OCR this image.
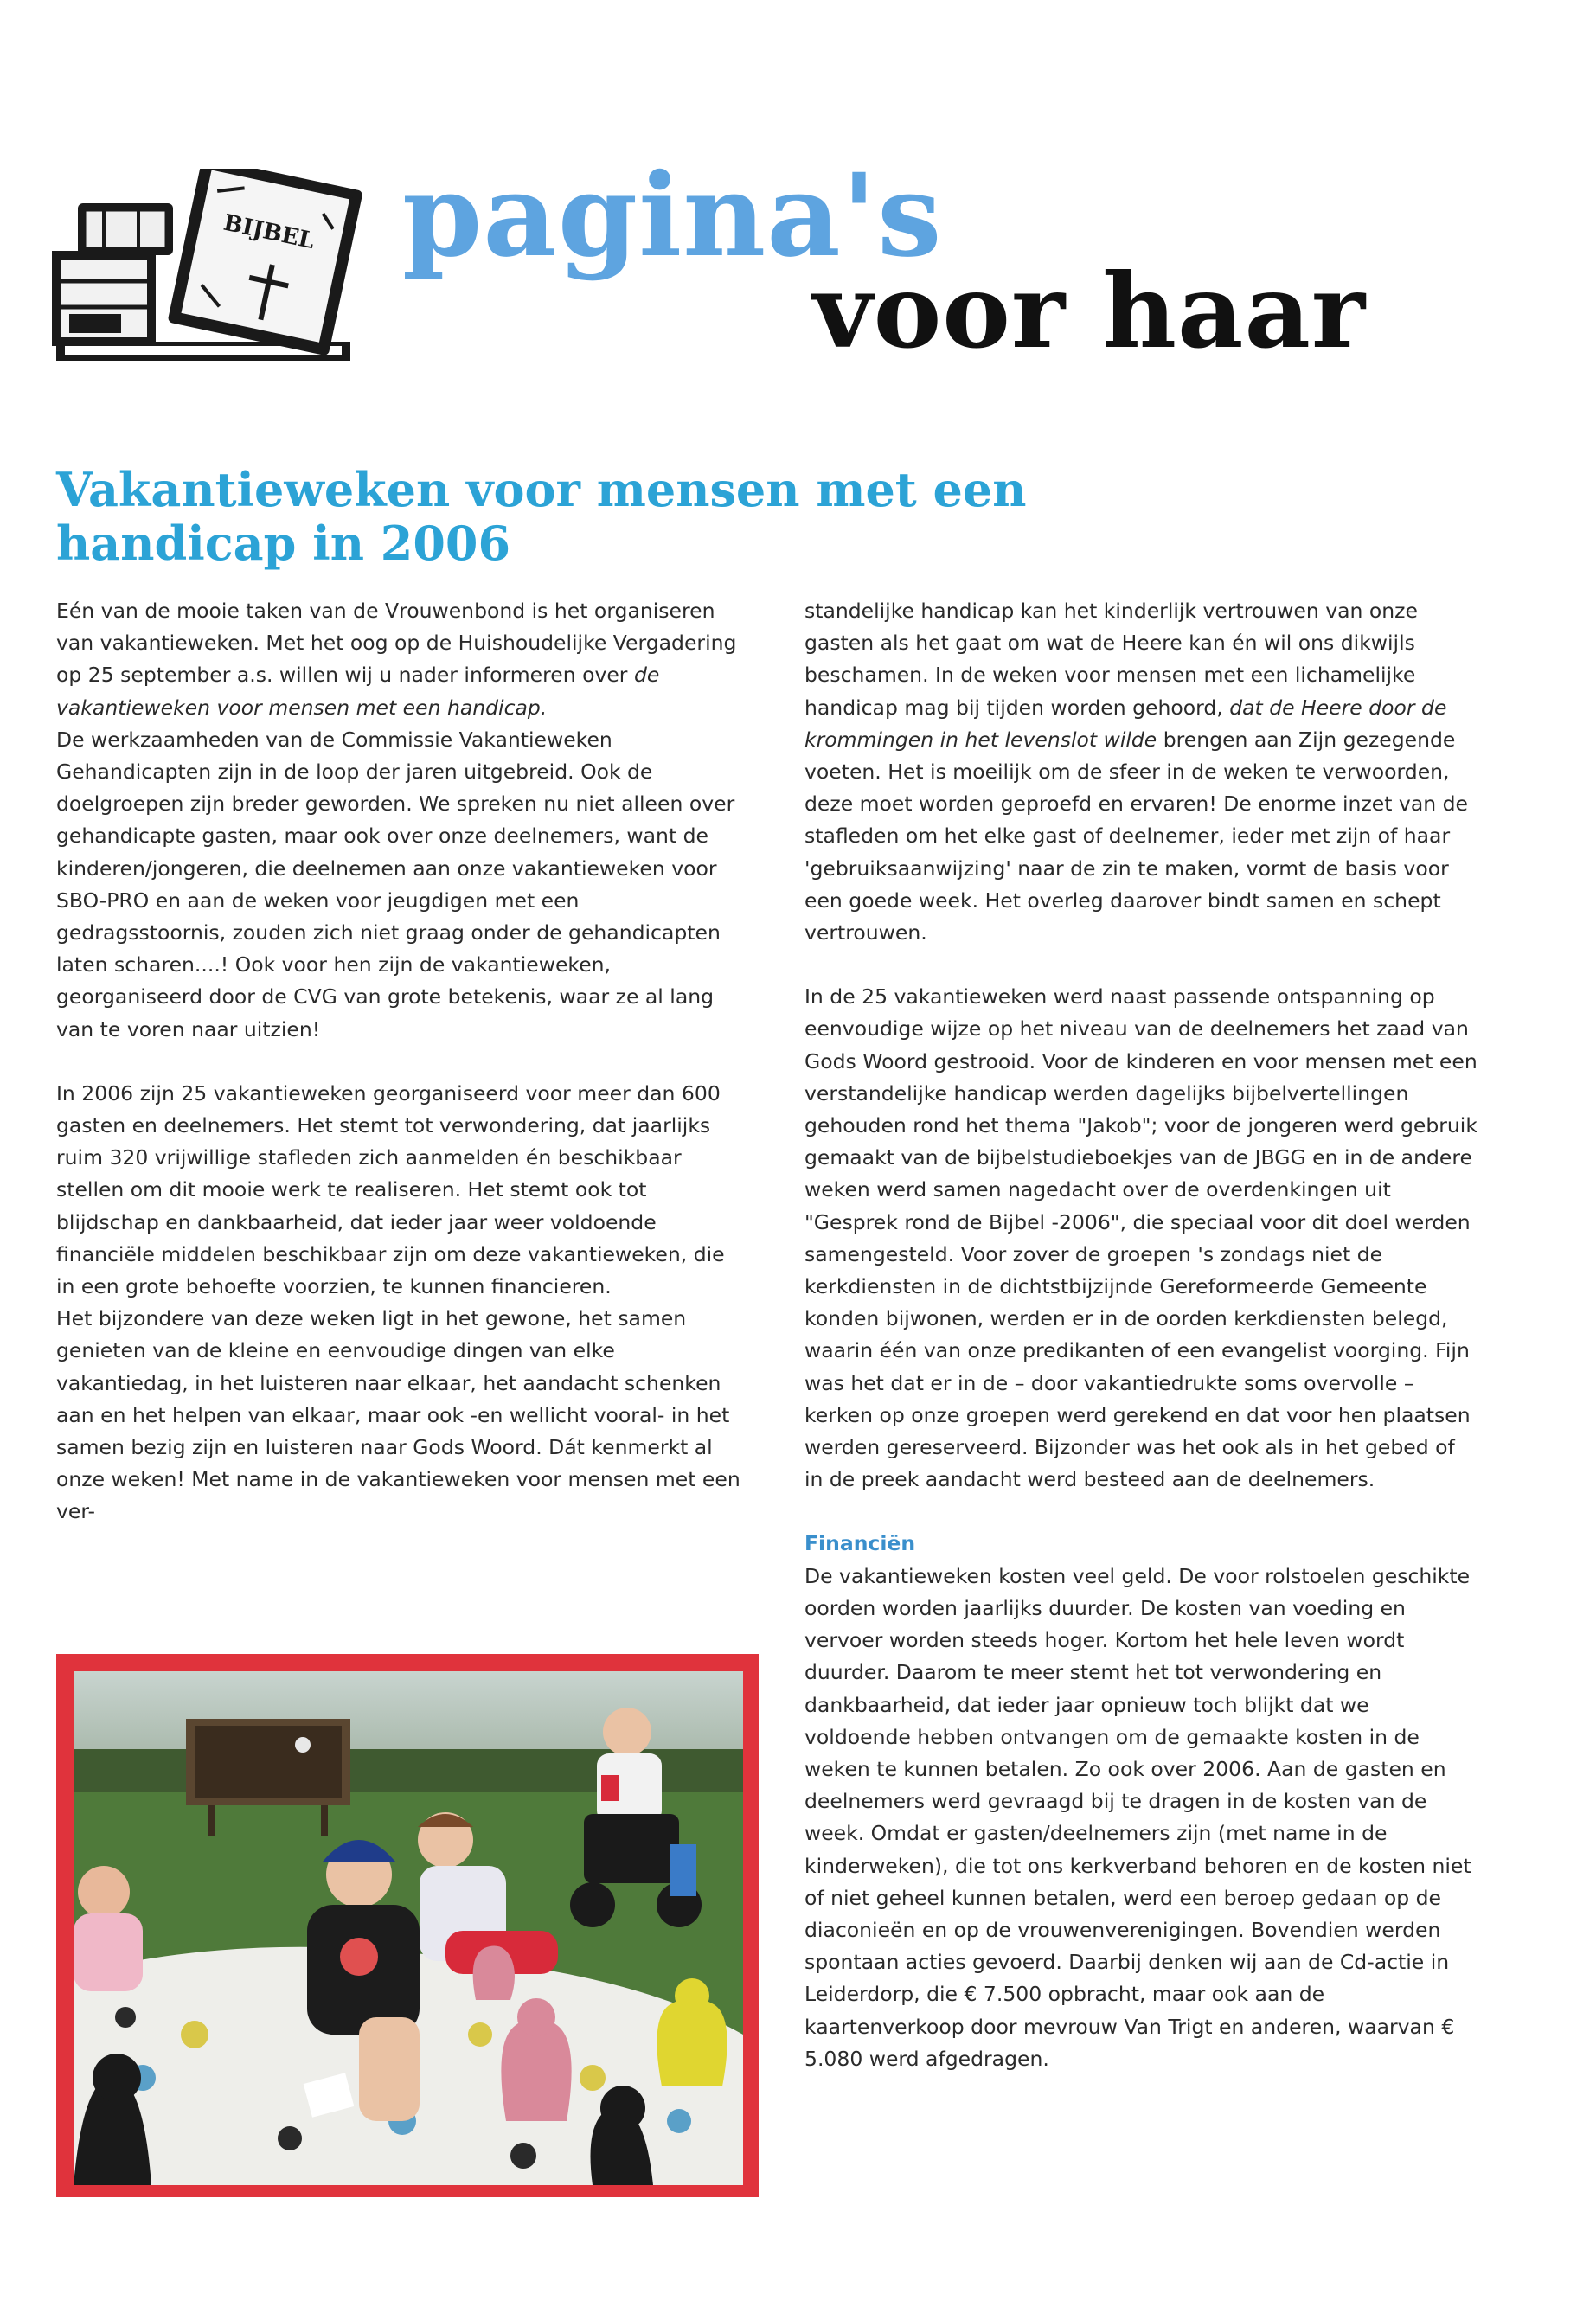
BIJBEL pagina's
voor haar
Vakantieweken voor mensen met een handicap in 2006

Eén van de mooie taken van de Vrouwenbond is het organiseren van vakantieweken. Met het oog op de Huishoudelijke Vergadering op 25 september a.s. willen wij u nader informeren over de vakantieweken voor mensen met een handicap.

De werkzaamheden van de Commissie Vakantieweken Gehandicapten zijn in de loop der jaren uitgebreid. Ook de doelgroepen zijn breder geworden. We spreken nu niet alleen over gehandicapte gasten, maar ook over onze deelnemers, want de kinderen/jongeren, die deelnemen aan onze vakantieweken voor SBO-PRO en aan de weken voor jeugdigen met een gedragsstoornis, zouden zich niet graag onder de gehandicapten laten scharen....! Ook voor hen zijn de vakantieweken, georganiseerd door de CVG van grote betekenis, waar ze al lang van te voren naar uitzien!

In 2006 zijn 25 vakantieweken georganiseerd voor meer dan 600 gasten en deelnemers. Het stemt tot verwondering, dat jaarlijks ruim 320 vrijwillige stafleden zich aanmelden én beschikbaar stellen om dit mooie werk te realiseren. Het stemt ook tot blijdschap en dankbaarheid, dat ieder jaar weer voldoende financiële middelen beschikbaar zijn om deze vakantieweken, die in een grote behoefte voorzien, te kunnen financieren.

Het bijzondere van deze weken ligt in het gewone, het samen genieten van de kleine en eenvoudige dingen van elke vakantiedag, in het luisteren naar elkaar, het aandacht schenken aan en het helpen van elkaar, maar ook -en wellicht vooral- in het samen bezig zijn en luisteren naar Gods Woord. Dát kenmerkt al onze weken! Met name in de vakantieweken voor mensen met een ver-

standelijke handicap kan het kinderlijk vertrouwen van onze gasten als het gaat om wat de Heere kan én wil ons dikwijls beschamen. In de weken voor mensen met een lichamelijke handicap mag bij tijden worden gehoord, dat de Heere door de krommingen in het levenslot wilde brengen aan Zijn gezegende voeten. Het is moeilijk om de sfeer in de weken te verwoorden, deze moet worden geproefd en ervaren! De enorme inzet van de stafleden om het elke gast of deelnemer, ieder met zijn of haar 'gebruiksaanwijzing' naar de zin te maken, vormt de basis voor een goede week. Het overleg daarover bindt samen en schept vertrouwen.

In de 25 vakantieweken werd naast passende ontspanning op eenvoudige wijze op het niveau van de deelnemers het zaad van Gods Woord gestrooid. Voor de kinderen en voor mensen met een verstandelijke handicap werden dagelijks bijbelvertellingen gehouden rond het thema "Jakob"; voor de jongeren werd gebruik gemaakt van de bijbelstudieboekjes van de JBGG en in de andere weken werd samen nagedacht over de overdenkingen uit "Gesprek rond de Bijbel -2006", die speciaal voor dit doel werden samengesteld. Voor zover de groepen 's zondags niet de kerkdiensten in de dichtstbijzijnde Gereformeerde Gemeente konden bijwonen, werden er in de oorden kerkdiensten belegd, waarin één van onze predikanten of een evangelist voorging. Fijn was het dat er in de – door vakantiedrukte soms overvolle – kerken op onze groepen werd gerekend en dat voor hen plaatsen werden gereserveerd. Bijzonder was het ook als in het gebed of in de preek aandacht werd besteed aan de deelnemers.

Financiën

De vakantieweken kosten veel geld. De voor rolstoelen geschikte oorden worden jaarlijks duurder. De kosten van voeding en vervoer worden steeds hoger. Kortom het hele leven wordt duurder. Daarom te meer stemt het tot verwondering en dankbaarheid, dat ieder jaar opnieuw toch blijkt dat we voldoende hebben ontvangen om de gemaakte kosten in de weken te kunnen betalen. Zo ook over 2006. Aan de gasten en deelnemers werd gevraagd bij te dragen in de kosten van de week. Omdat er gasten/deelnemers zijn (met name in de kinderweken), die tot ons kerkverband behoren en de kosten niet of niet geheel kunnen betalen, werd een beroep gedaan op de diaconieën en op de vrouwenverenigingen. Bovendien werden spontaan acties gevoerd. Daarbij denken wij aan de Cd-actie in Leiderdorp, die € 7.500 opbracht, maar ook aan de kaartenverkoop door mevrouw Van Trigt en anderen, waarvan € 5.080 werd afgedragen.
